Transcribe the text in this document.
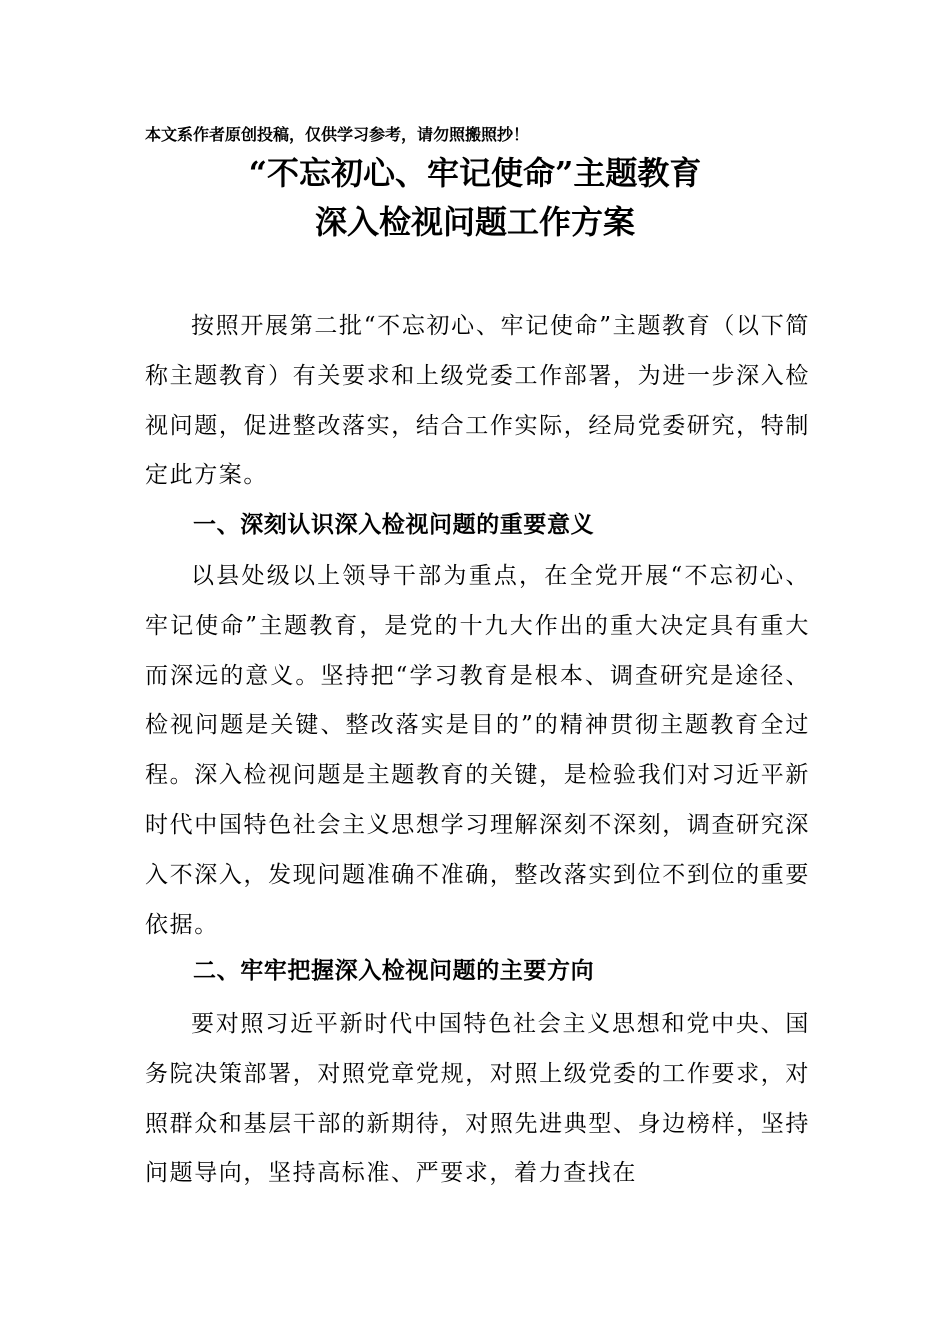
本文系作者原创投稿，仅供学习参考，请勿照搬照抄！
“不忘初心、牢记使命”主题教育
深入检视问题工作方案

按照开展第二批“不忘初心、牢记使命”主题教育（以下简称主题教育）有关要求和上级党委工作部署，为进一步深入检视问题，促进整改落实，结合工作实际，经局党委研究，特制定此方案。

一、深刻认识深入检视问题的重要意义

以县处级以上领导干部为重点，在全党开展“不忘初心、牢记使命”主题教育，是党的十九大作出的重大决定具有重大而深远的意义。坚持把“学习教育是根本、调查研究是途径、检视问题是关键、整改落实是目的”的精神贯彻主题教育全过程。深入检视问题是主题教育的关键，是检验我们对习近平新时代中国特色社会主义思想学习理解深刻不深刻，调查研究深入不深入，发现问题准确不准确，整改落实到位不到位的重要依据。

二、牢牢把握深入检视问题的主要方向

要对照习近平新时代中国特色社会主义思想和党中央、国务院决策部署，对照党章党规，对照上级党委的工作要求，对照群众和基层干部的新期待，对照先进典型、身边榜样，坚持问题导向，坚持高标准、严要求，着力查找在
